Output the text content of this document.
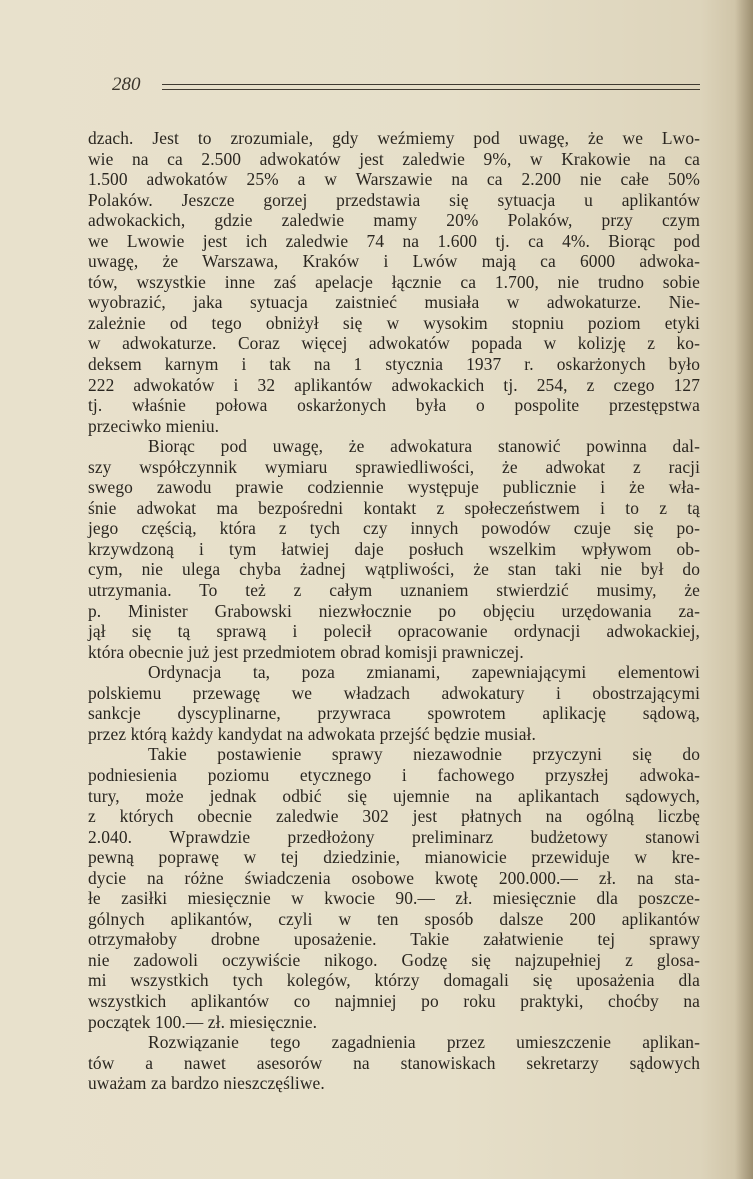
280

dzach. Jest to zrozumiale, gdy weźmiemy pod uwagę, że we Lwo-
wie na ca 2.500 adwokatów jest zaledwie 9%, w Krakowie na ca
1.500 adwokatów 25% a w Warszawie na ca 2.200 nie całe 50%
Polaków. Jeszcze gorzej przedstawia się sytuacja u aplikantów
adwokackich, gdzie zaledwie mamy 20% Polaków, przy czym
we Lwowie jest ich zaledwie 74 na 1.600 tj. ca 4%. Biorąc pod
uwagę, że Warszawa, Kraków i Lwów mają ca 6000 adwoka-
tów, wszystkie inne zaś apelacje łącznie ca 1.700, nie trudno sobie
wyobrazić, jaka sytuacja zaistnieć musiała w adwokaturze. Nie-
zależnie od tego obniżył się w wysokim stopniu poziom etyki
w adwokaturze. Coraz więcej adwokatów popada w kolizję z ko-
deksem karnym i tak na 1 stycznia 1937 r. oskarżonych było
222 adwokatów i 32 aplikantów adwokackich tj. 254, z czego 127
tj. właśnie połowa oskarżonych była o pospolite przestępstwa
przeciwko mieniu.

Biorąc pod uwagę, że adwokatura stanowić powinna dal-
szy współczynnik wymiaru sprawiedliwości, że adwokat z racji
swego zawodu prawie codziennie występuje publicznie i że wła-
śnie adwokat ma bezpośredni kontakt z społeczeństwem i to z tą
jego częścią, która z tych czy innych powodów czuje się po-
krzywdzoną i tym łatwiej daje posłuch wszelkim wpływom ob-
cym, nie ulega chyba żadnej wątpliwości, że stan taki nie był do
utrzymania. To też z całym uznaniem stwierdzić musimy, że
p. Minister Grabowski niezwłocznie po objęciu urzędowania za-
jął się tą sprawą i polecił opracowanie ordynacji adwokackiej,
która obecnie już jest przedmiotem obrad komisji prawniczej.

Ordynacja ta, poza zmianami, zapewniającymi elementowi
polskiemu przewagę we władzach adwokatury i obostrzającymi
sankcje dyscyplinarne, przywraca spowrotem aplikację sądową,
przez którą każdy kandydat na adwokata przejść będzie musiał.

Takie postawienie sprawy niezawodnie przyczyni się do
podniesienia poziomu etycznego i fachowego przyszłej adwoka-
tury, może jednak odbić się ujemnie na aplikantach sądowych,
z których obecnie zaledwie 302 jest płatnych na ogólną liczbę
2.040. Wprawdzie przedłożony preliminarz budżetowy stanowi
pewną poprawę w tej dziedzinie, mianowicie przewiduje w kre-
dycie na różne świadczenia osobowe kwotę 200.000.— zł. na sta-
łe zasiłki miesięcznie w kwocie 90.— zł. miesięcznie dla poszcze-
gólnych aplikantów, czyli w ten sposób dalsze 200 aplikantów
otrzymałoby drobne uposażenie. Takie załatwienie tej sprawy
nie zadowoli oczywiście nikogo. Godzę się najzupełniej z glosa-
mi wszystkich tych kolegów, którzy domagali się uposażenia dla
wszystkich aplikantów co najmniej po roku praktyki, choćby na
początek 100.— zł. miesięcznie.

Rozwiązanie tego zagadnienia przez umieszczenie aplikan-
tów a nawet asesorów na stanowiskach sekretarzy sądowych
uważam za bardzo nieszczęśliwe.
